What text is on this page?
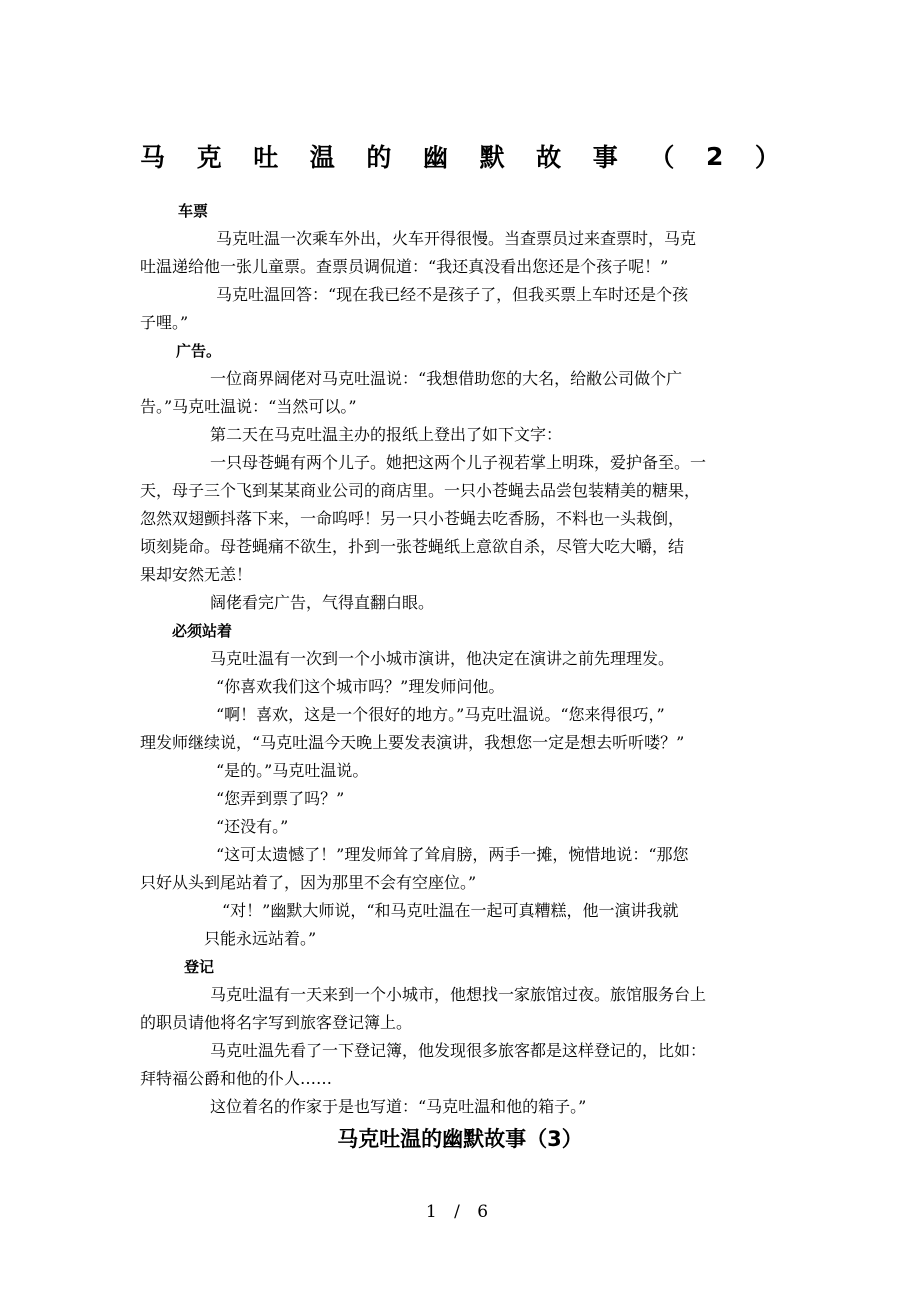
马 克 吐 温 的 幽 默 故 事 （ 2 ）
车票
马克吐温一次乘车外出，火车开得很慢。当查票员过来查票时，马克
吐温递给他一张儿童票。查票员调侃道：“我还真没看出您还是个孩子呢！”
马克吐温回答：“现在我已经不是孩子了，但我买票上车时还是个孩
子哩。”
广告。
一位商界阔佬对马克吐温说：“我想借助您的大名，给敝公司做个广
告。”马克吐温说：“当然可以。”
第二天在马克吐温主办的报纸上登出了如下文字：
一只母苍蝇有两个儿子。她把这两个儿子视若掌上明珠，爱护备至。一
天，母子三个飞到某某商业公司的商店里。一只小苍蝇去品尝包装精美的糖果，
忽然双翅颤抖落下来，一命呜呼！另一只小苍蝇去吃香肠，不料也一头栽倒，
顷刻毙命。母苍蝇痛不欲生，扑到一张苍蝇纸上意欲自杀，尽管大吃大嚼，结
果却安然无恙！
阔佬看完广告，气得直翻白眼。
必须站着
马克吐温有一次到一个小城市演讲，他决定在演讲之前先理理发。
“你喜欢我们这个城市吗？”理发师问他。
“啊！喜欢，这是一个很好的地方。”马克吐温说。“您来得很巧，”
理发师继续说，“马克吐温今天晚上要发表演讲，我想您一定是想去听听喽？”
“是的。”马克吐温说。
“您弄到票了吗？”
“还没有。”
“这可太遗憾了！”理发师耸了耸肩膀，两手一摊，惋惜地说：“那您
只好从头到尾站着了，因为那里不会有空座位。”
“对！”幽默大师说，“和马克吐温在一起可真糟糕，他一演讲我就
只能永远站着。”
登记
马克吐温有一天来到一个小城市，他想找一家旅馆过夜。旅馆服务台上
的职员请他将名字写到旅客登记簿上。
马克吐温先看了一下登记簿，他发现很多旅客都是这样登记的，比如：
拜特福公爵和他的仆人……
这位着名的作家于是也写道：“马克吐温和他的箱子。”
马克吐温的幽默故事（3）
1 / 6
